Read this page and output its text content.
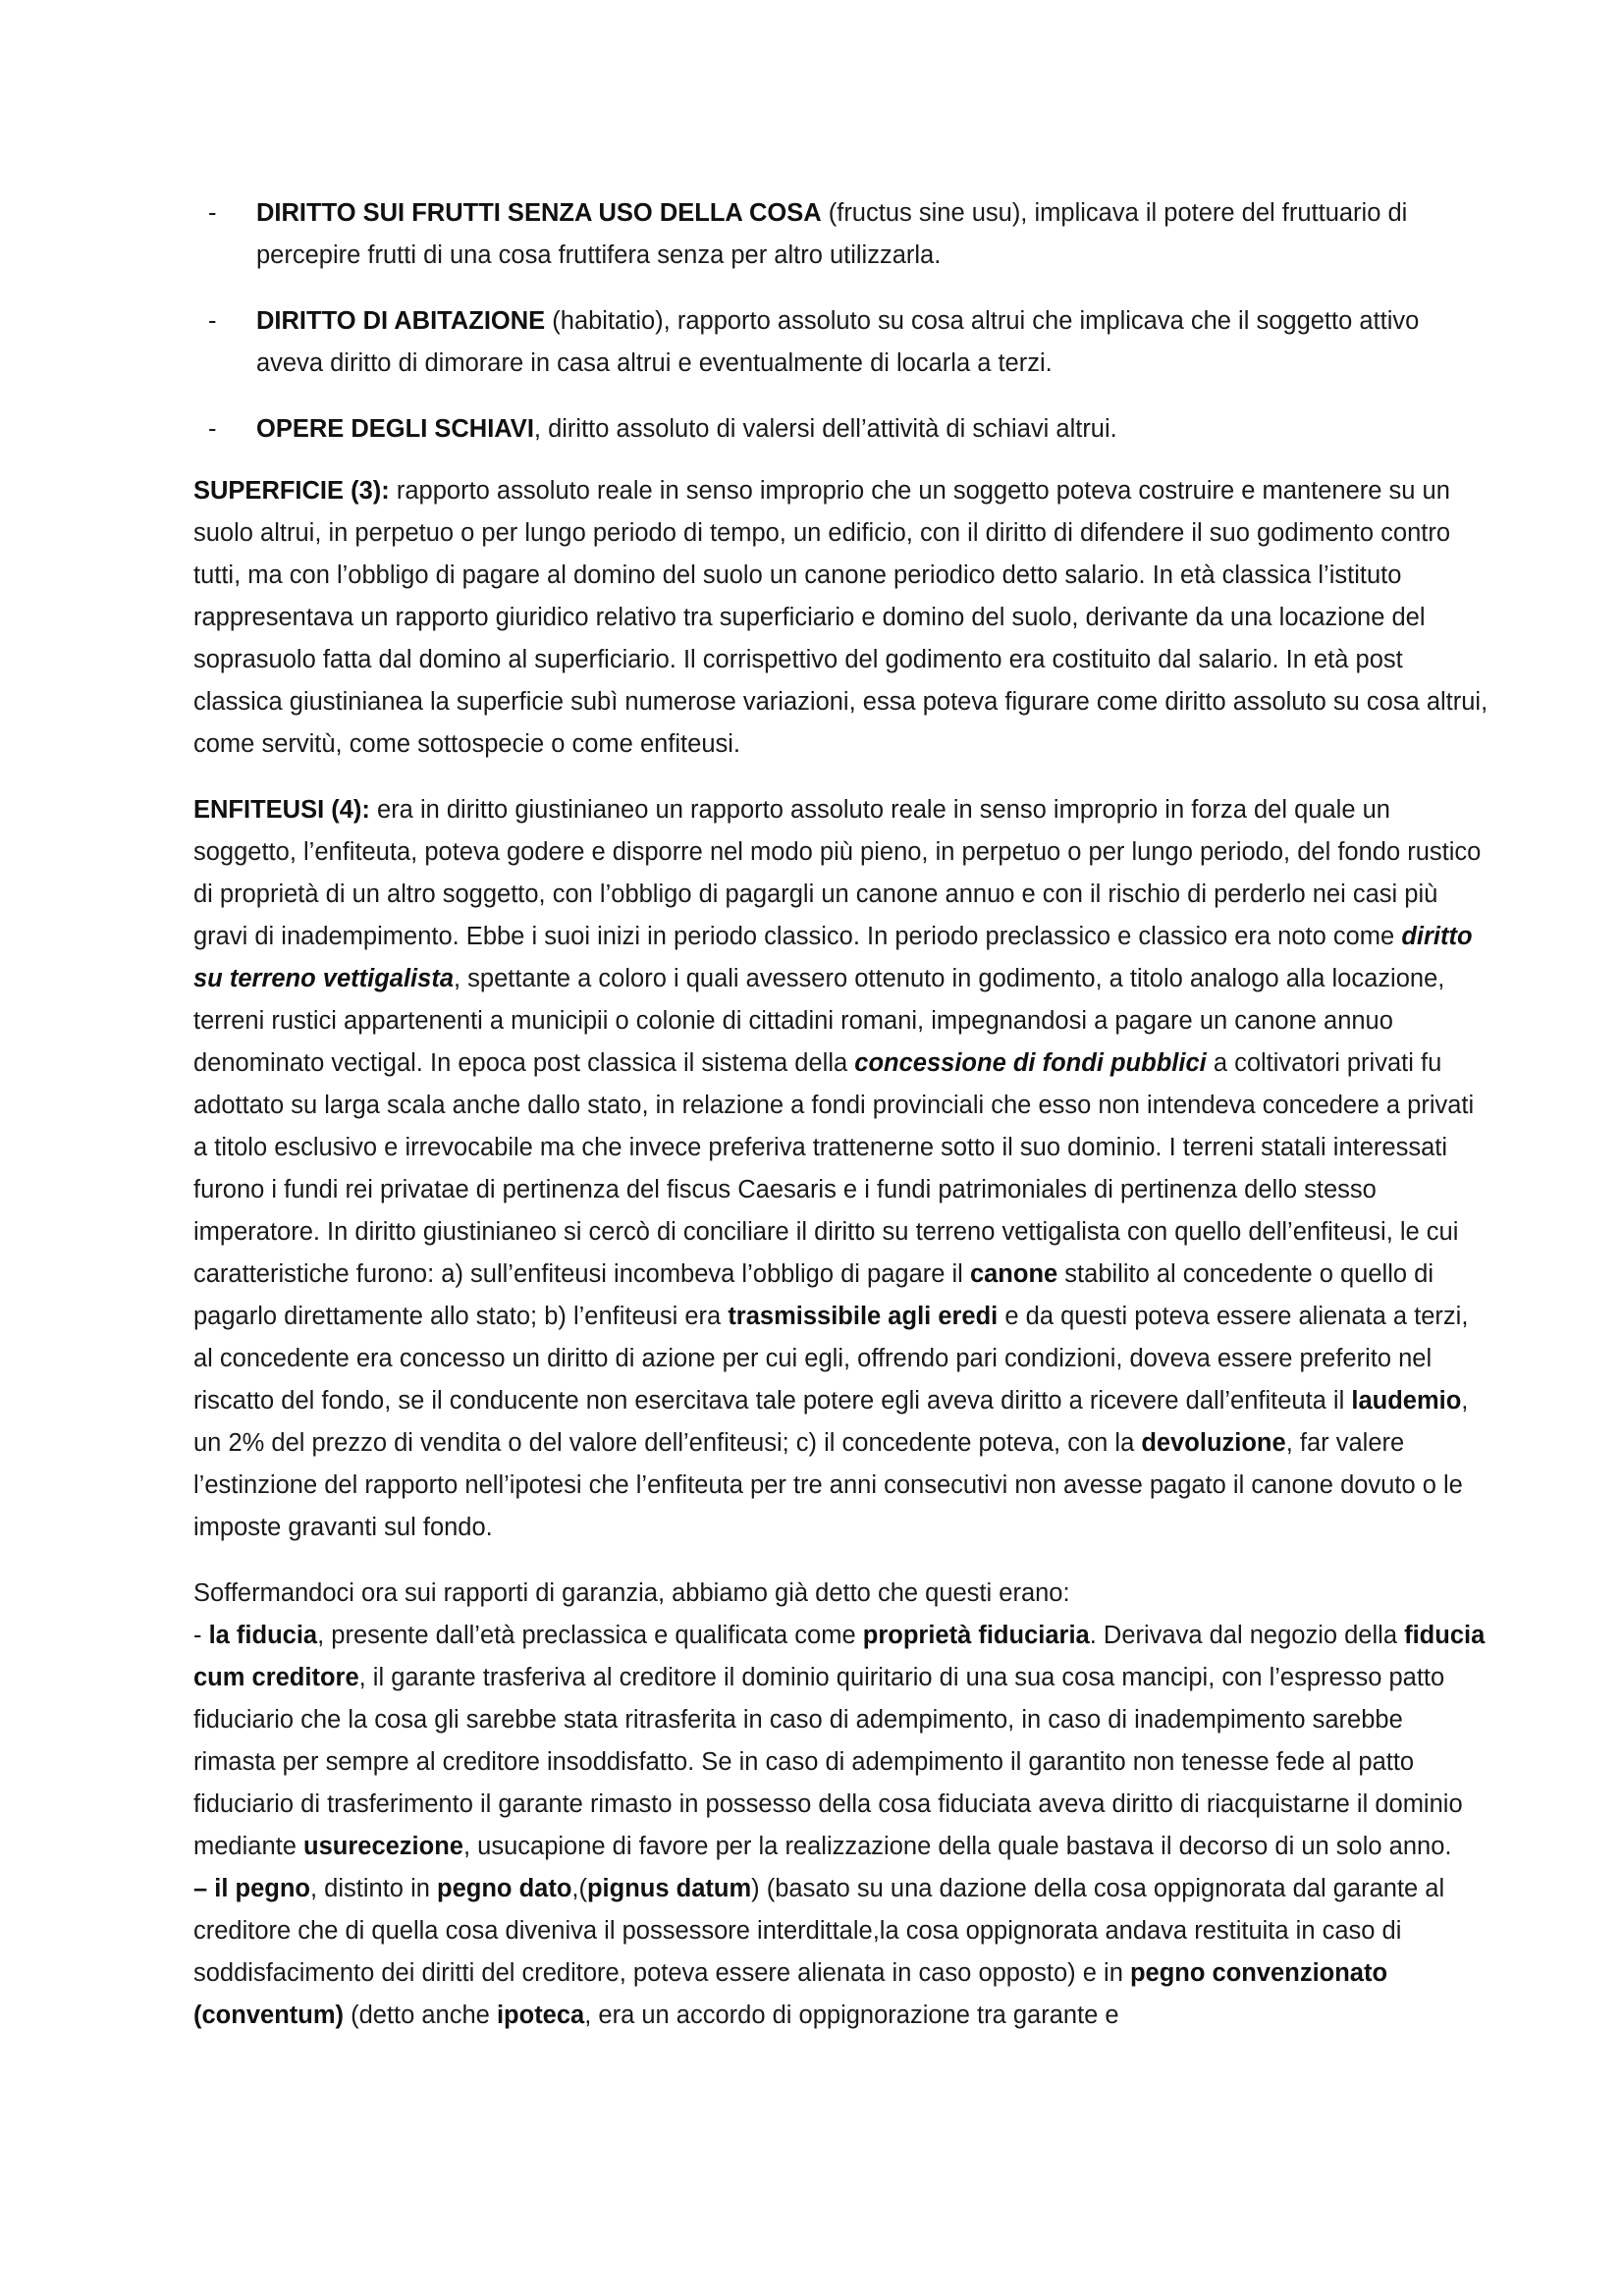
- DIRITTO SUI FRUTTI SENZA USO DELLA COSA (fructus sine usu), implicava il potere del fruttuario di percepire frutti di una cosa fruttifera senza per altro utilizzarla.
- DIRITTO DI ABITAZIONE (habitatio), rapporto assoluto su cosa altrui che implicava che il soggetto attivo aveva diritto di dimorare in casa altrui e eventualmente di locarla a terzi.
- OPERE DEGLI SCHIAVI, diritto assoluto di valersi dell’attività di schiavi altrui.

SUPERFICIE (3): rapporto assoluto reale in senso improprio che un soggetto poteva costruire e mantenere su un suolo altrui, in perpetuo o per lungo periodo di tempo, un edificio, con il diritto di difendere il suo godimento contro tutti, ma con l’obbligo di pagare al domino del suolo un canone periodico detto salario. In età classica l’istituto rappresentava un rapporto giuridico relativo tra superficiario e domino del suolo, derivante da una locazione del soprasuolo fatta dal domino al superficiario. Il corrispettivo del godimento era costituito dal salario. In età post classica giustinianea la superficie subì numerose variazioni, essa poteva figurare come diritto assoluto su cosa altrui, come servitù, come sottospecie o come enfiteusi.

ENFITEUSI (4): era in diritto giustinianeo un rapporto assoluto reale in senso improprio in forza del quale un soggetto, l’enfiteuta, poteva godere e disporre nel modo più pieno, in perpetuo o per lungo periodo, del fondo rustico di proprietà di un altro soggetto, con l’obbligo di pagargli un canone annuo e con il rischio di perderlo nei casi più gravi di inadempimento. Ebbe i suoi inizi in periodo classico. In periodo preclassico e classico era noto come diritto su terreno vettigalista, spettante a coloro i quali avessero ottenuto in godimento, a titolo analogo alla locazione, terreni rustici appartenenti a municipii o colonie di cittadini romani, impegnandosi a pagare un canone annuo denominato vectigal. In epoca post classica il sistema della concessione di fondi pubblici a coltivatori privati fu adottato su larga scala anche dallo stato, in relazione a fondi provinciali che esso non intendeva concedere a privati a titolo esclusivo e irrevocabile ma che invece preferiva trattenerne sotto il suo dominio. I terreni statali interessati furono i fundi rei privatae di pertinenza del fiscus Caesaris e i fundi patrimoniales di pertinenza dello stesso imperatore. In diritto giustinianeo si cercò di conciliare il diritto su terreno vettigalista con quello dell’enfiteusi, le cui caratteristiche furono: a) sull’enfiteusi incombeva l’obbligo di pagare il canone stabilito al concedente o quello di pagarlo direttamente allo stato; b) l’enfiteusi era trasmissibile agli eredi e da questi poteva essere alienata a terzi, al concedente era concesso un diritto di azione per cui egli, offrendo pari condizioni, doveva essere preferito nel riscatto del fondo, se il conducente non esercitava tale potere egli aveva diritto a ricevere dall’enfiteuta il laudemio, un 2% del prezzo di vendita o del valore dell’enfiteusi; c) il concedente poteva, con la devoluzione, far valere l’estinzione del rapporto nell’ipotesi che l’enfiteuta per tre anni consecutivi non avesse pagato il canone dovuto o le imposte gravanti sul fondo.

Soffermandoci ora sui rapporti di garanzia, abbiamo già detto che questi erano:

- la fiducia, presente dall’età preclassica e qualificata come proprietà fiduciaria. Derivava dal negozio della fiducia cum creditore, il garante trasferiva al creditore il dominio quiritario di una sua cosa mancipi, con l’espresso patto fiduciario che la cosa gli sarebbe stata ritrasferita in caso di adempimento, in caso di inadempimento sarebbe rimasta per sempre al creditore insoddisfatto. Se in caso di adempimento il garantito non tenesse fede al patto fiduciario di trasferimento il garante rimasto in possesso della cosa fiduciata aveva diritto di riacquistarne il dominio mediante usurecezione, usucapione di favore per la realizzazione della quale bastava il decorso di un solo anno.

– il pegno, distinto in pegno dato,(pignus datum) (basato su una dazione della cosa oppignorata dal garante al creditore che di quella cosa diveniva il possessore interdittale,la cosa oppignorata andava restituita in caso di soddisfacimento dei diritti del creditore, poteva essere alienata in caso opposto) e in pegno convenzionato (conventum) (detto anche ipoteca, era un accordo di oppignorazione tra garante e
